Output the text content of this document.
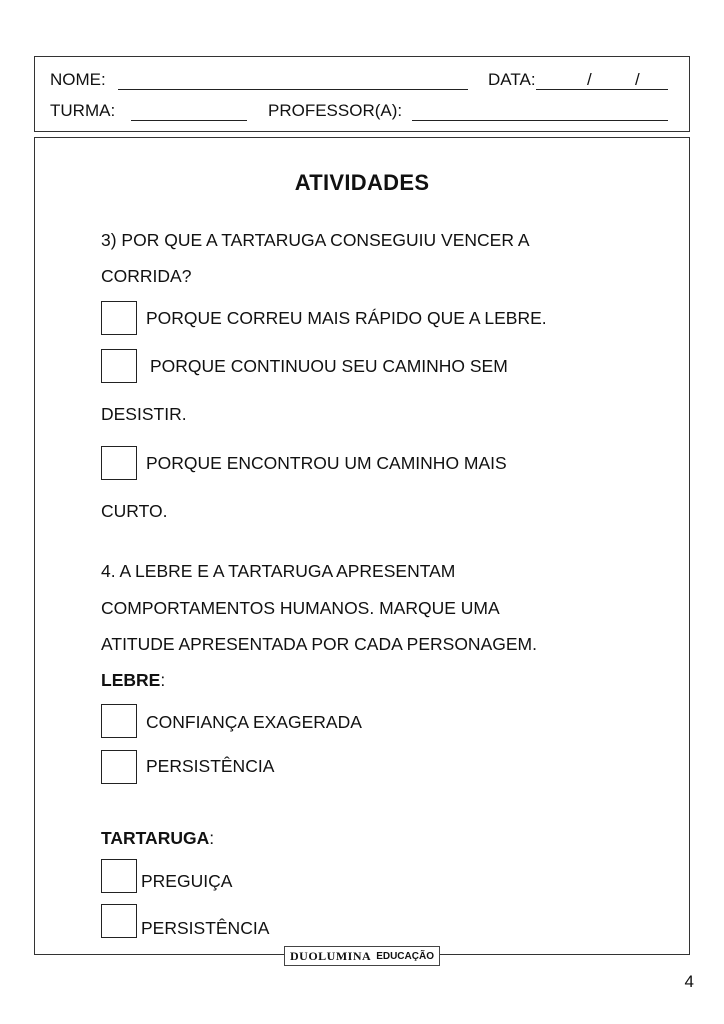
NOME:	DATA:	/	/
TURMA:	PROFESSOR(A):
ATIVIDADES
3) POR QUE A TARTARUGA CONSEGUIU VENCER A
CORRIDA?
PORQUE CORREU MAIS RÁPIDO QUE A LEBRE.
PORQUE CONTINUOU SEU CAMINHO SEM
DESISTIR.
PORQUE ENCONTROU UM CAMINHO MAIS
CURTO.
4. A LEBRE E A TARTARUGA APRESENTAM
COMPORTAMENTOS HUMANOS. MARQUE UMA
ATITUDE APRESENTADA POR CADA PERSONAGEM.
LEBRE:
CONFIANÇA EXAGERADA
PERSISTÊNCIA
TARTARUGA:
PREGUIÇA
PERSISTÊNCIA
DUOLUMINA EDUCAÇÃO
4
